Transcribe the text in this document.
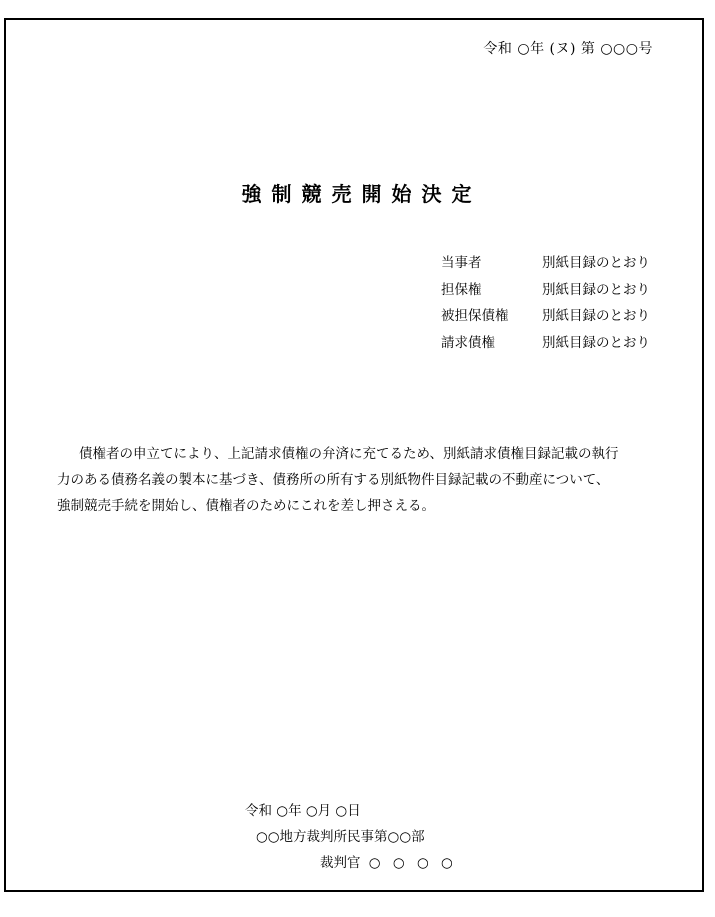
令和 ○年 (ヌ) 第 ○○○号
強制競売開始決定
当事者	別紙目録のとおり
担保権	別紙目録のとおり
被担保債権	別紙目録のとおり
請求債権	別紙目録のとおり
債権者の申立てにより、上記請求債権の弁済に充てるため、別紙請求債権目録記載の執行
力のある債務名義の製本に基づき、債務所の所有する別紙物件目録記載の不動産について、
強制競売手続を開始し、債権者のためにこれを差し押さえる。
令和 ○年 ○月 ○日
○○地方裁判所民事第○○部
裁判官 ○ ○ ○ ○
